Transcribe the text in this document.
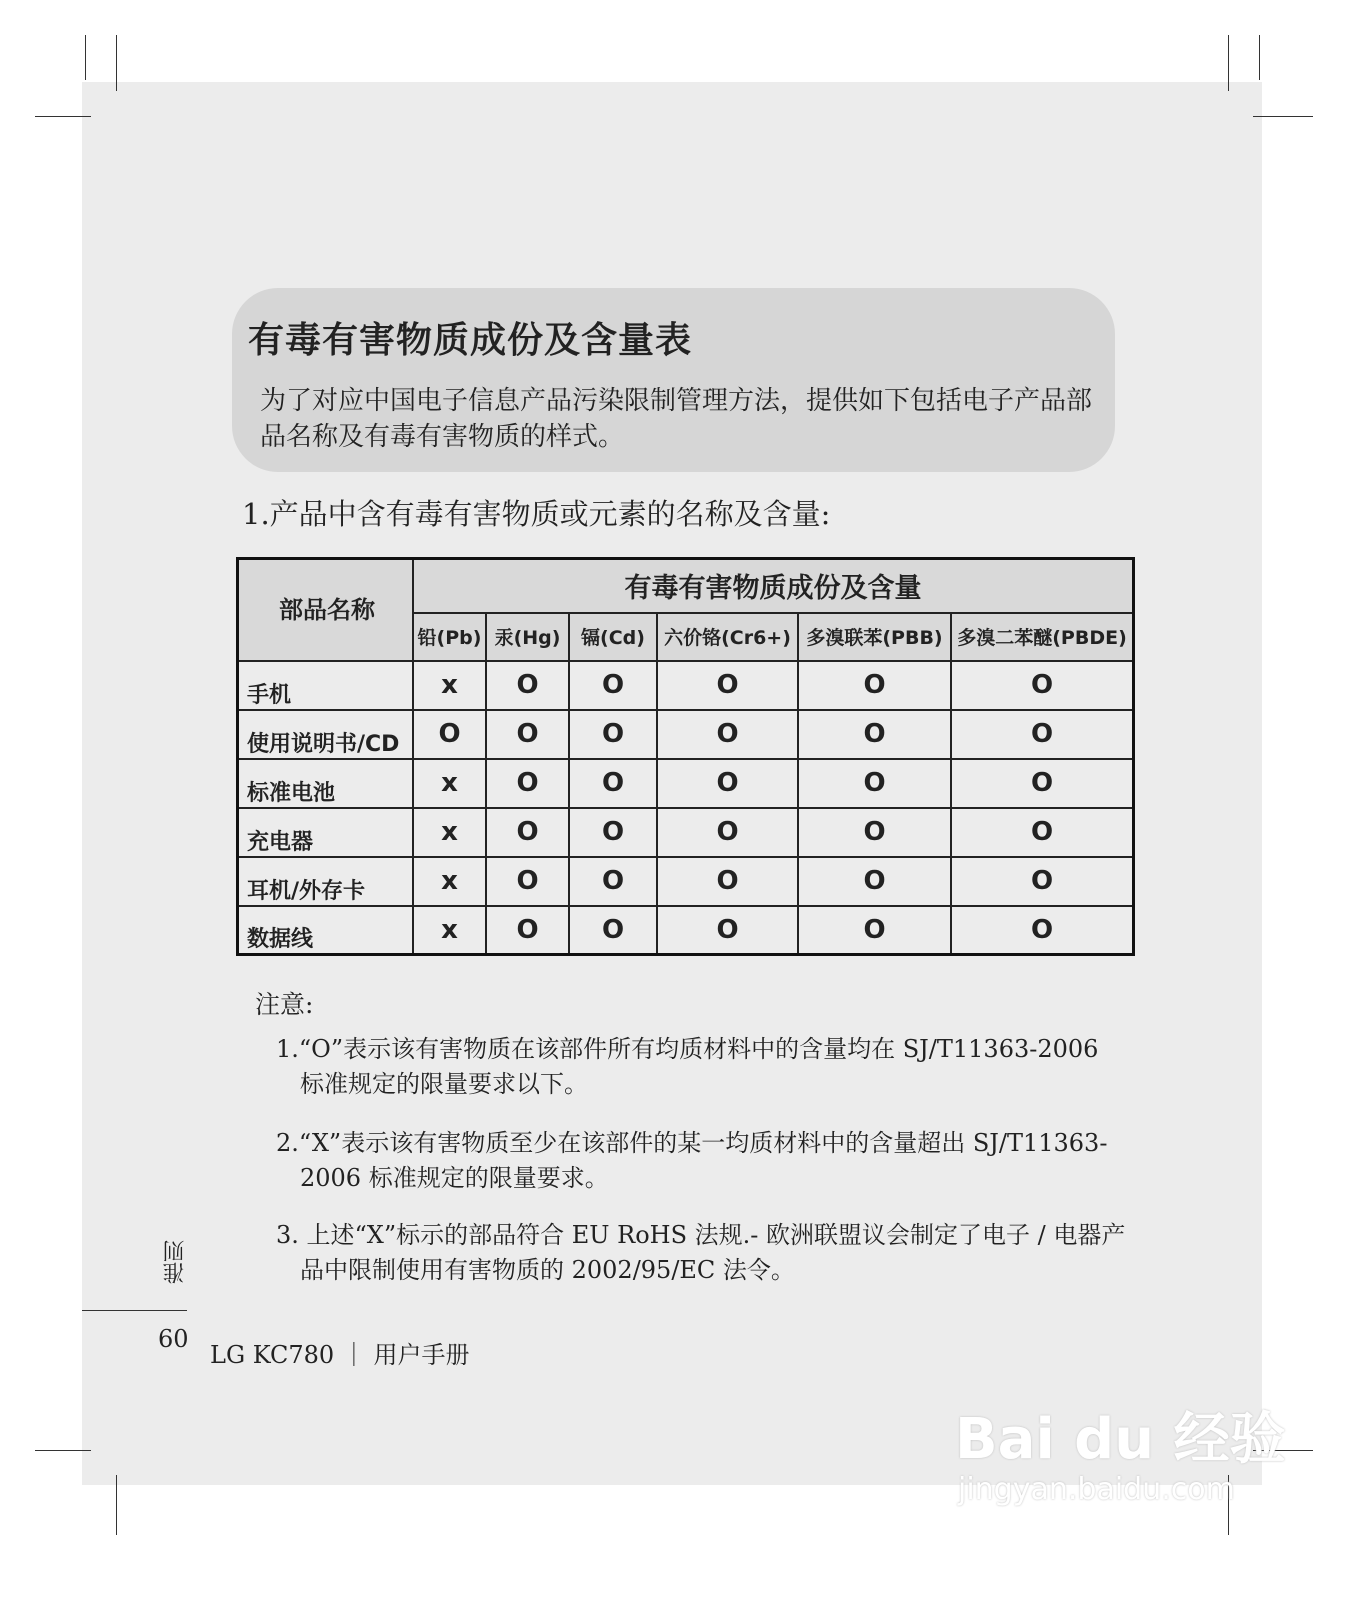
有毒有害物质成份及含量表
为了对应中国电子信息产品污染限制管理方法，提供如下包括电子产品部品名称及有毒有害物质的样式。
1.产品中含有毒有害物质或元素的名称及含量:
部品名称	有毒有害物质成份及含量					
	铅(Pb)	汞(Hg)	镉(Cd)	六价铬(Cr6+)	多溴联苯(PBB)	多溴二苯醚(PBDE)
手机	x	O	O	O	O	O
使用说明书/CD	O	O	O	O	O	O
标准电池	x	O	O	O	O	O
充电器	x	O	O	O	O	O
耳机/外存卡	x	O	O	O	O	O
数据线	x	O	O	O	O	O
注意:
1.“O”表示该有害物质在该部件所有均质材料中的含量均在 SJ/T11363-2006 标准规定的限量要求以下。
2.“X”表示该有害物质至少在该部件的某一均质材料中的含量超出 SJ/T11363-2006 标准规定的限量要求。
3. 上述“X”标示的部品符合 EU RoHS 法规.- 欧洲联盟议会制定了电子 / 电器产品中限制使用有害物质的 2002/95/EC 法令。
准则
60
LG KC780 ｜ 用户手册
Bai du 经验
jingyan.baidu.com
